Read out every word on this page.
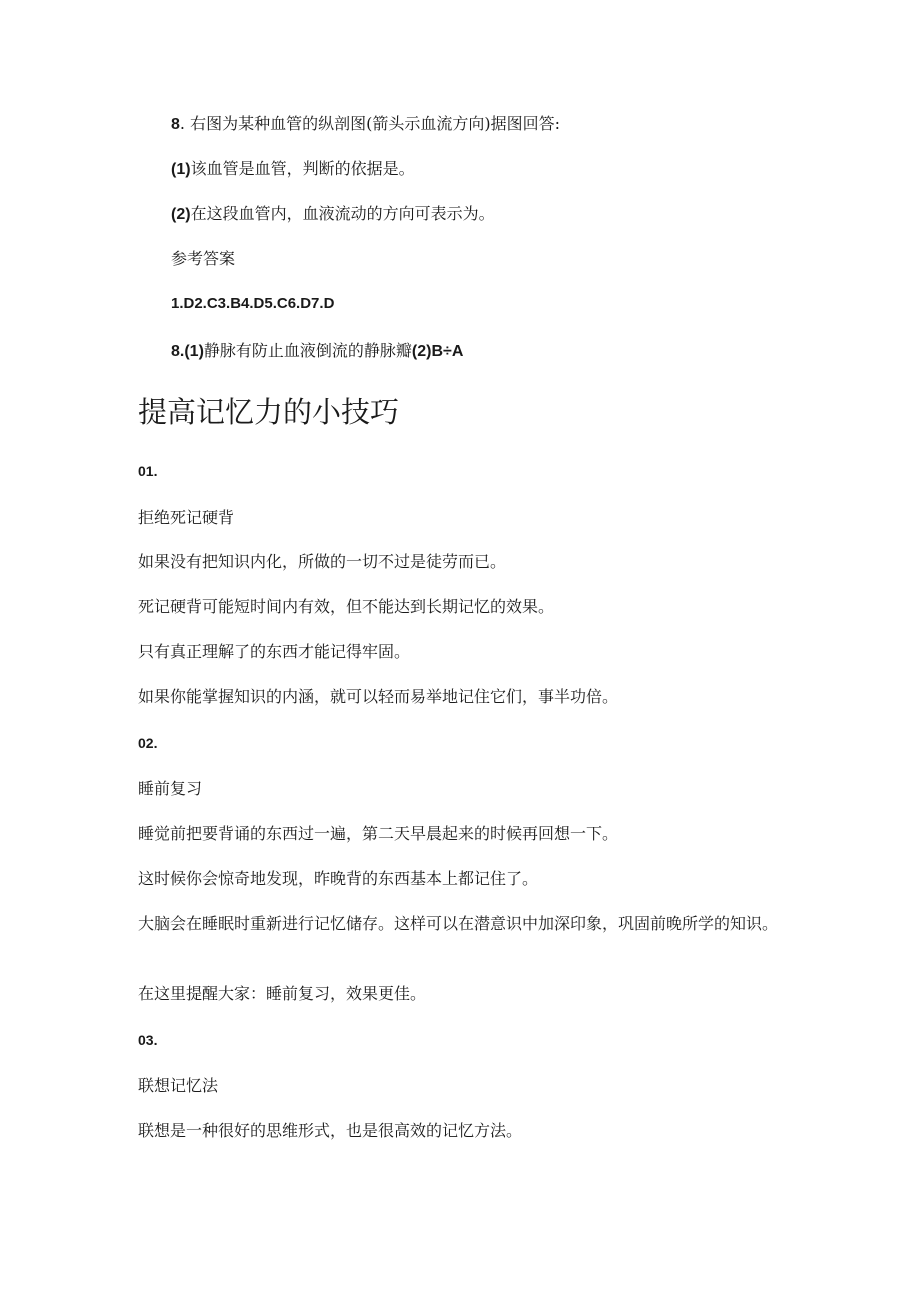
8. 右图为某种血管的纵剖图(箭头示血流方向)据图回答:
(1)该血管是血管，判断的依据是。
(2)在这段血管内，血液流动的方向可表示为。
参考答案
1.D2.C3.B4.D5.C6.D7.D
8.(1)静脉有防止血液倒流的静脉瓣(2)B÷A
提高记忆力的小技巧
01.
拒绝死记硬背
如果没有把知识内化，所做的一切不过是徒劳而已。
死记硬背可能短时间内有效，但不能达到长期记忆的效果。
只有真正理解了的东西才能记得牢固。
如果你能掌握知识的内涵，就可以轻而易举地记住它们，事半功倍。
02.
睡前复习
睡觉前把要背诵的东西过一遍，第二天早晨起来的时候再回想一下。
这时候你会惊奇地发现，昨晚背的东西基本上都记住了。
大脑会在睡眠时重新进行记忆储存。这样可以在潜意识中加深印象，巩固前晚所学的知识。
在这里提醒大家：睡前复习，效果更佳。
03.
联想记忆法
联想是一种很好的思维形式，也是很高效的记忆方法。
